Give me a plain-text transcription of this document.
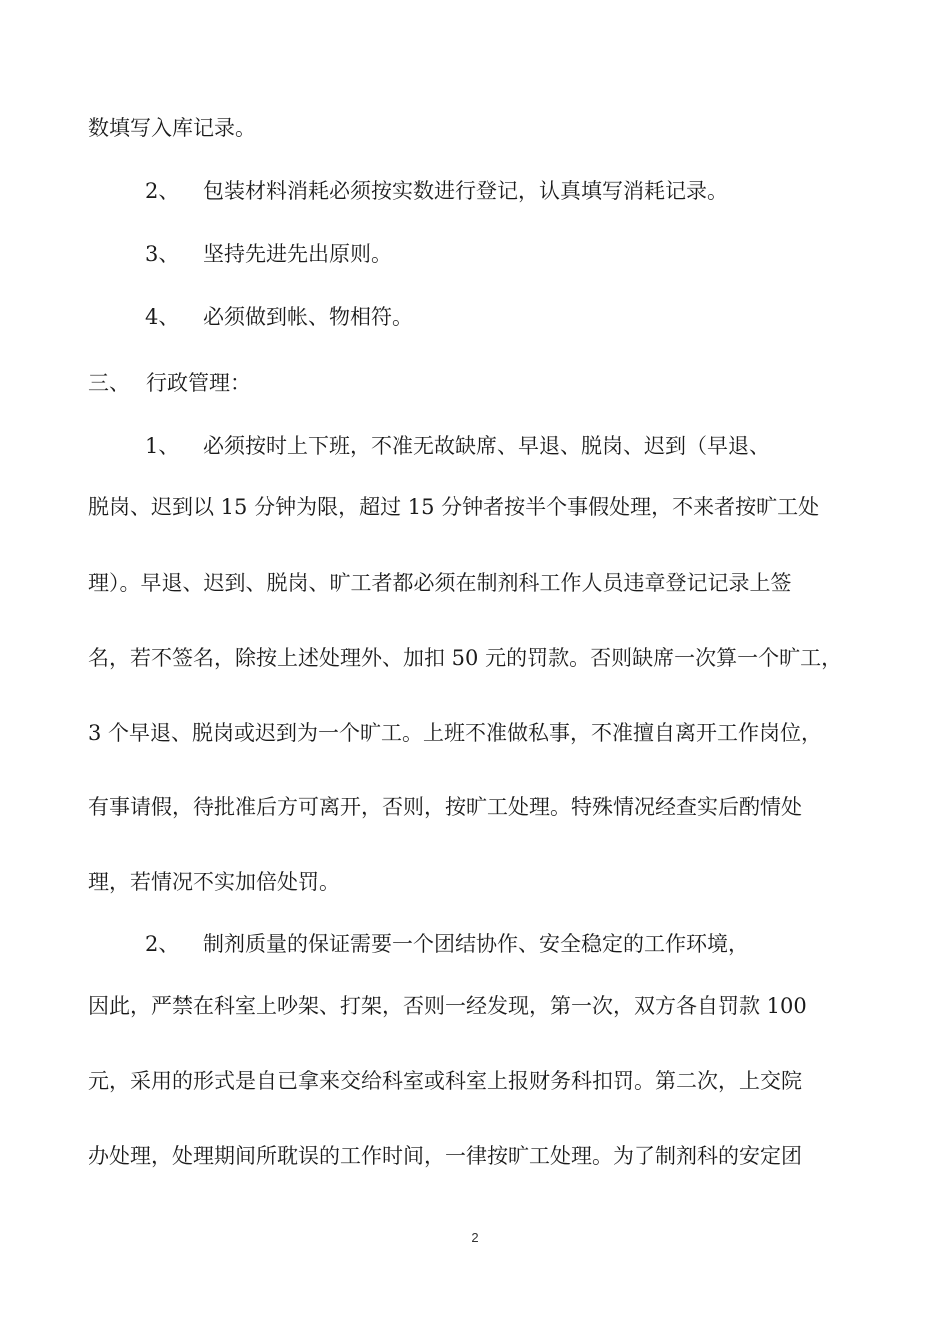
数填写入库记录。
2、 包装材料消耗必须按实数进行登记，认真填写消耗记录。
3、 坚持先进先出原则。
4、 必须做到帐、物相符。
三、 行政管理：
1、 必须按时上下班，不准无故缺席、早退、脱岗、迟到（早退、
脱岗、迟到以 15 分钟为限，超过 15 分钟者按半个事假处理，不来者按旷工处
理）。早退、迟到、脱岗、旷工者都必须在制剂科工作人员违章登记记录上签
名，若不签名，除按上述处理外、加扣 50 元的罚款。否则缺席一次算一个旷工，
3 个早退、脱岗或迟到为一个旷工。上班不准做私事，不准擅自离开工作岗位，
有事请假，待批准后方可离开，否则，按旷工处理。特殊情况经查实后酌情处
理，若情况不实加倍处罚。
2、 制剂质量的保证需要一个团结协作、安全稳定的工作环境，
因此，严禁在科室上吵架、打架，否则一经发现，第一次，双方各自罚款 100
元，采用的形式是自已拿来交给科室或科室上报财务科扣罚。第二次，上交院
办处理，处理期间所耽误的工作时间，一律按旷工处理。为了制剂科的安定团
2
